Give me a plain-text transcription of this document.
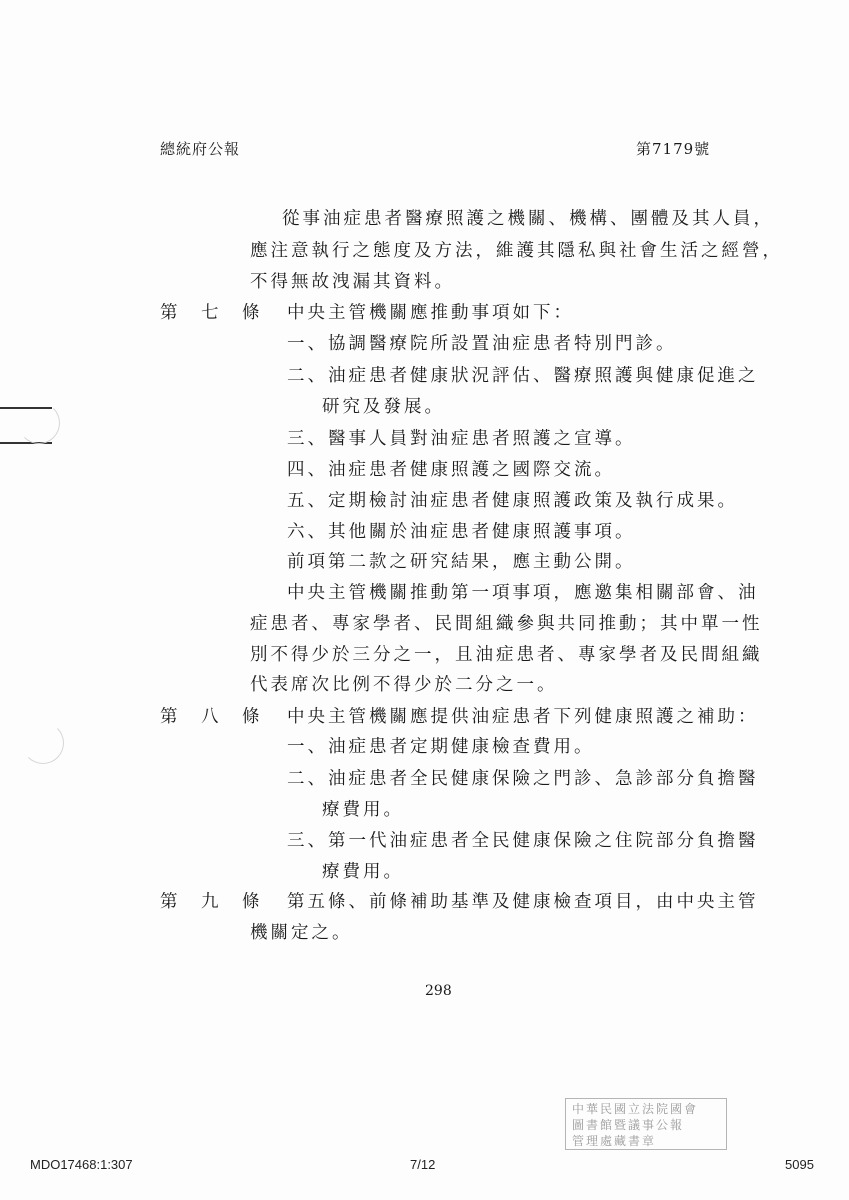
總統府公報	第7179號
從事油症患者醫療照護之機關、機構、團體及其人員，
應注意執行之態度及方法，維護其隱私與社會生活之經營，
不得無故洩漏其資料。
第　七　條 中央主管機關應推動事項如下：
一、協調醫療院所設置油症患者特別門診。
二、油症患者健康狀況評估、醫療照護與健康促進之
研究及發展。
三、醫事人員對油症患者照護之宣導。
四、油症患者健康照護之國際交流。
五、定期檢討油症患者健康照護政策及執行成果。
六、其他關於油症患者健康照護事項。
前項第二款之研究結果，應主動公開。
中央主管機關推動第一項事項，應邀集相關部會、油
症患者、專家學者、民間組織參與共同推動；其中單一性
別不得少於三分之一，且油症患者、專家學者及民間組織
代表席次比例不得少於二分之一。
第　八　條 中央主管機關應提供油症患者下列健康照護之補助：
一、油症患者定期健康檢查費用。
二、油症患者全民健康保險之門診、急診部分負擔醫
療費用。
三、第一代油症患者全民健康保險之住院部分負擔醫
療費用。
第　九　條 第五條、前條補助基準及健康檢查項目，由中央主管
機關定之。
298
中華民國立法院國會
圖書館暨議事公報
管理處藏書章
MDO17468:1:307	7/12	5095
